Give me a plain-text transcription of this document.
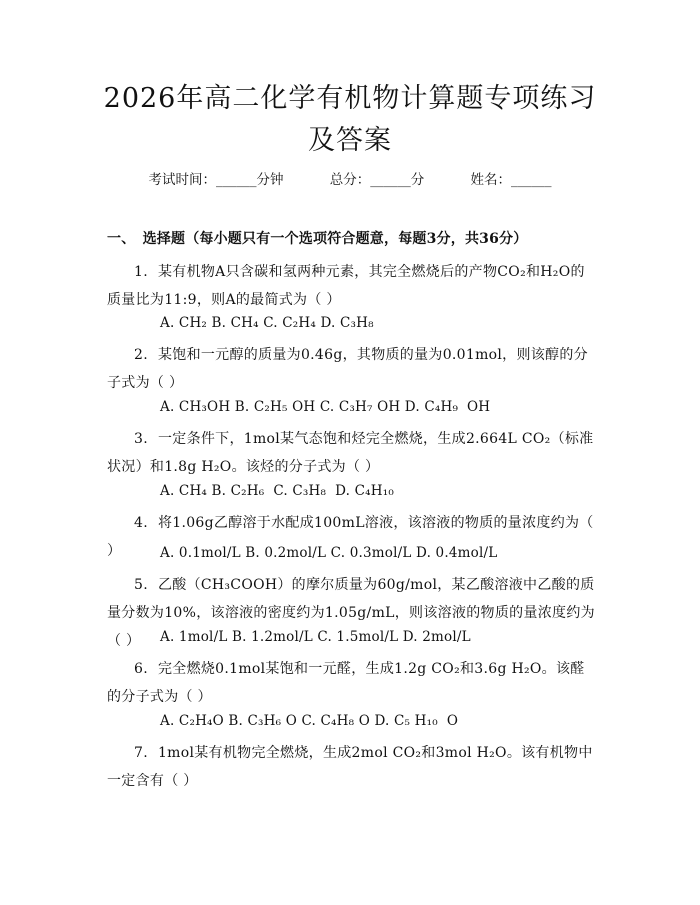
2026年高二化学有机物计算题专项练习及答案
考试时间：______分钟	总分：______分	姓名：______
一、　选择题（每小题只有一个选项符合题意，每题3分，共36分）
1. 某有机物A只含碳和氢两种元素，其完全燃烧后的产物CO₂和H₂O的质量比为11:9，则A的最简式为（ ）
A. CH₂ B. CH₄ C. C₂H₄ D. C₃H₈
2. 某饱和一元醇的质量为0.46g，其物质的量为0.01mol，则该醇的分子式为（ ）
A. CH₃OH B. C₂H₅ OH C. C₃H₇ OH D. C₄H₉  OH
3. 一定条件下，1mol某气态饱和烃完全燃烧，生成2.664L CO₂（标准状况）和1.8g H₂O。该烃的分子式为（ ）
A. CH₄ B. C₂H₆  C. C₃H₈  D. C₄H₁₀
4. 将1.06g乙醇溶于水配成100mL溶液，该溶液的物质的量浓度约为（ ）	A. 0.1mol/L B. 0.2mol/L C. 0.3mol/L D. 0.4mol/L
5. 乙酸（CH₃COOH）的摩尔质量为60g/mol，某乙酸溶液中乙酸的质量分数为10%，该溶液的密度约为1.05g/mL，则该溶液的物质的量浓度约为（ ）	A. 1mol/L B. 1.2mol/L C. 1.5mol/L D. 2mol/L
6. 完全燃烧0.1mol某饱和一元醛，生成1.2g CO₂和3.6g H₂O。该醛的分子式为（ ）
A. C₂H₄O B. C₃H₆ O C. C₄H₈ O D. C₅ H₁₀  O
7. 1mol某有机物完全燃烧，生成2mol CO₂和3mol H₂O。该有机物中一定含有（ ）
